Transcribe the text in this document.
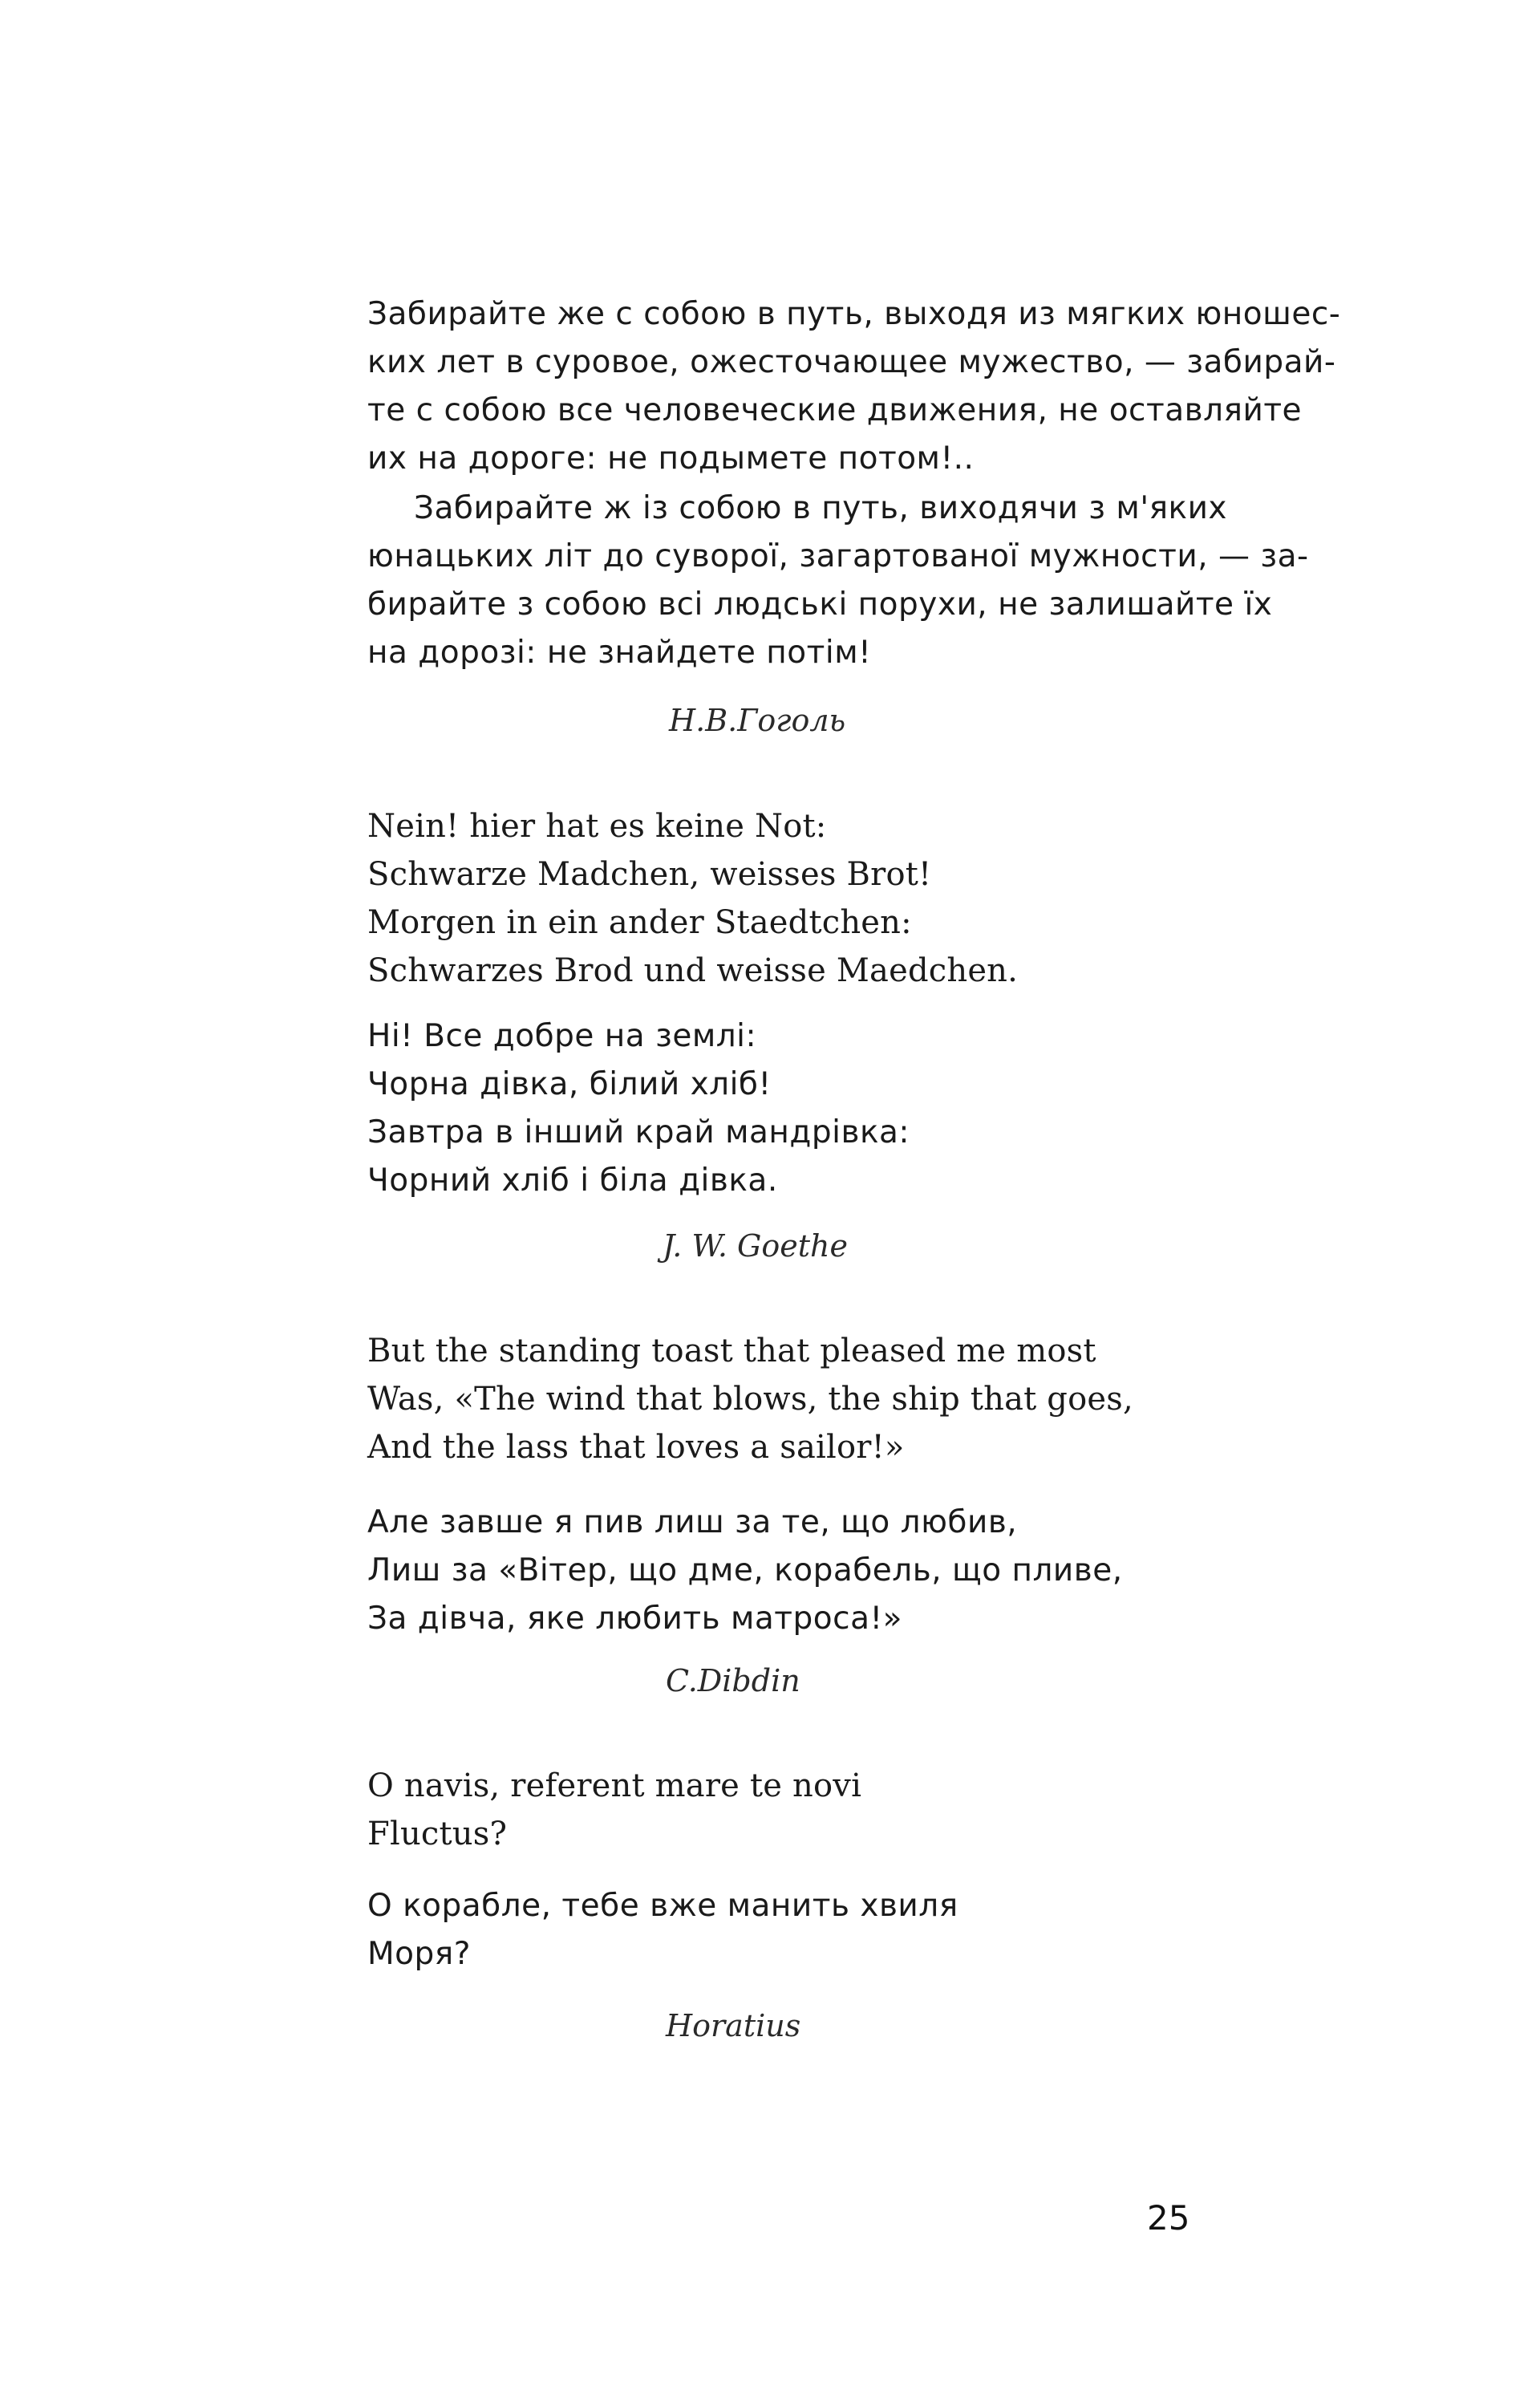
Забирайте же с собою в путь, выходя из мягких юношес-
ких лет в суровое, ожесточающее мужество, — забирай-
те с собою все человеческие движения, не оставляйте
их на дороге: не подымете потом!..
Забирайте ж із собою в путь, виходячи з м'яких
юнацьких літ до суворої, загартованої мужности, — за-
бирайте з собою всі людські порухи, не залишайте їх
на дорозі: не знайдете потім!
Н.В.Гоголь
Nein! hier hat es keine Not:
Schwarze Madchen, weisses Brot!
Morgen in ein ander Staedtchen:
Schwarzes Brod und weisse Maedchen.
Ні! Все добре на землі:
Чорна дівка, білий хліб!
Завтра в інший край мандрівка:
Чорний хліб і біла дівка.
J. W. Goethe
But the standing toast that pleased me most
Was, «The wind that blows, the ship that goes,
And the lass that loves a sailor!»
Але завше я пив лиш за те, що любив,
Лиш за «Вітер, що дме, корабель, що пливе,
За дівча, яке любить матроса!»
C.Dibdin
O navis, referent mare te novi
Fluctus?
О кораблe, тебе вже манить хвиля
Моря?
Horatius
25
